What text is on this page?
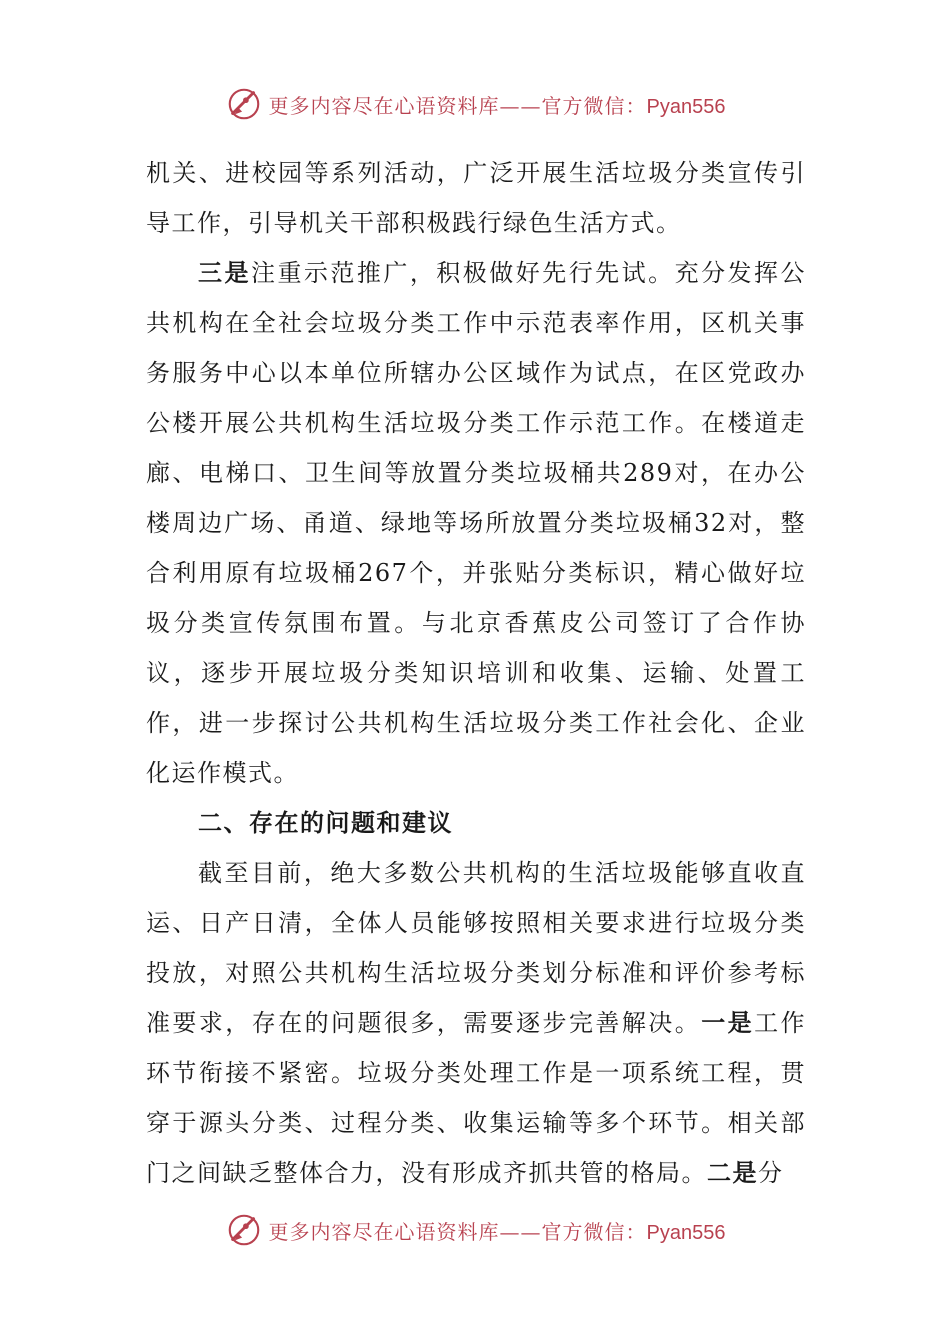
更多内容尽在心语资料库——官方微信：Pyan556

机关、进校园等系列活动，广泛开展生活垃圾分类宣传引导工作，引导机关干部积极践行绿色生活方式。

三是注重示范推广，积极做好先行先试。充分发挥公共机构在全社会垃圾分类工作中示范表率作用，区机关事务服务中心以本单位所辖办公区域作为试点，在区党政办公楼开展公共机构生活垃圾分类工作示范工作。在楼道走廊、电梯口、卫生间等放置分类垃圾桶共289对，在办公楼周边广场、甬道、绿地等场所放置分类垃圾桶32对，整合利用原有垃圾桶267个，并张贴分类标识，精心做好垃圾分类宣传氛围布置。与北京香蕉皮公司签订了合作协议，逐步开展垃圾分类知识培训和收集、运输、处置工作，进一步探讨公共机构生活垃圾分类工作社会化、企业化运作模式。

二、存在的问题和建议

截至目前，绝大多数公共机构的生活垃圾能够直收直运、日产日清，全体人员能够按照相关要求进行垃圾分类投放，对照公共机构生活垃圾分类划分标准和评价参考标准要求，存在的问题很多，需要逐步完善解决。一是工作环节衔接不紧密。垃圾分类处理工作是一项系统工程，贯穿于源头分类、过程分类、收集运输等多个环节。相关部门之间缺乏整体合力，没有形成齐抓共管的格局。二是分

更多内容尽在心语资料库——官方微信：Pyan556
